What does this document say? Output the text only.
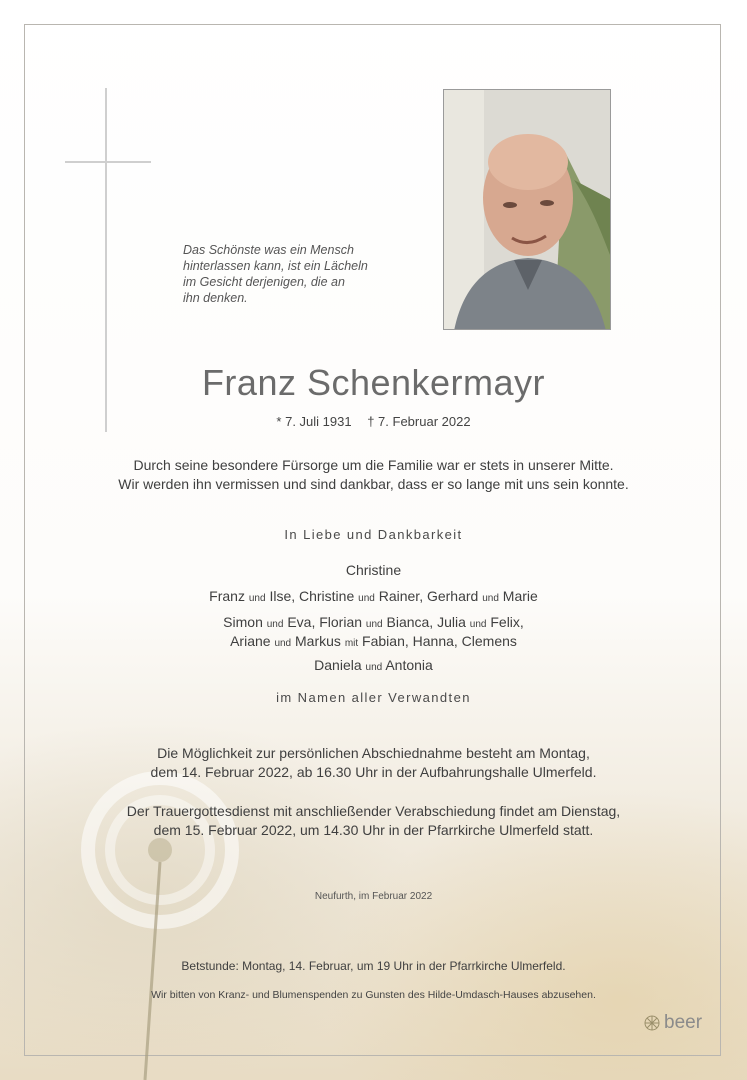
Das Schönste was ein Mensch
hinterlassen kann, ist ein Lächeln
im Gesicht derjenigen, die an
ihn denken.
Franz Schenkermayr
* 7. Juli 1931 † 7. Februar 2022
Durch seine besondere Fürsorge um die Familie war er stets in unserer Mitte.
Wir werden ihn vermissen und sind dankbar, dass er so lange mit uns sein konnte.
In Liebe und Dankbarkeit
Christine
Franz und Ilse, Christine und Rainer, Gerhard und Marie
Simon und Eva, Florian und Bianca, Julia und Felix,
Ariane und Markus mit Fabian, Hanna, Clemens
Daniela und Antonia
im Namen aller Verwandten
Die Möglichkeit zur persönlichen Abschiednahme besteht am Montag,
dem 14. Februar 2022, ab 16.30 Uhr in der Aufbahrungshalle Ulmerfeld.
Der Trauergottesdienst mit anschließender Verabschiedung findet am Dienstag,
dem 15. Februar 2022, um 14.30 Uhr in der Pfarrkirche Ulmerfeld statt.
Neufurth, im Februar 2022
Betstunde: Montag, 14. Februar, um 19 Uhr in der Pfarrkirche Ulmerfeld.
Wir bitten von Kranz- und Blumenspenden zu Gunsten des Hilde-Umdasch-Hauses abzusehen.
beer
